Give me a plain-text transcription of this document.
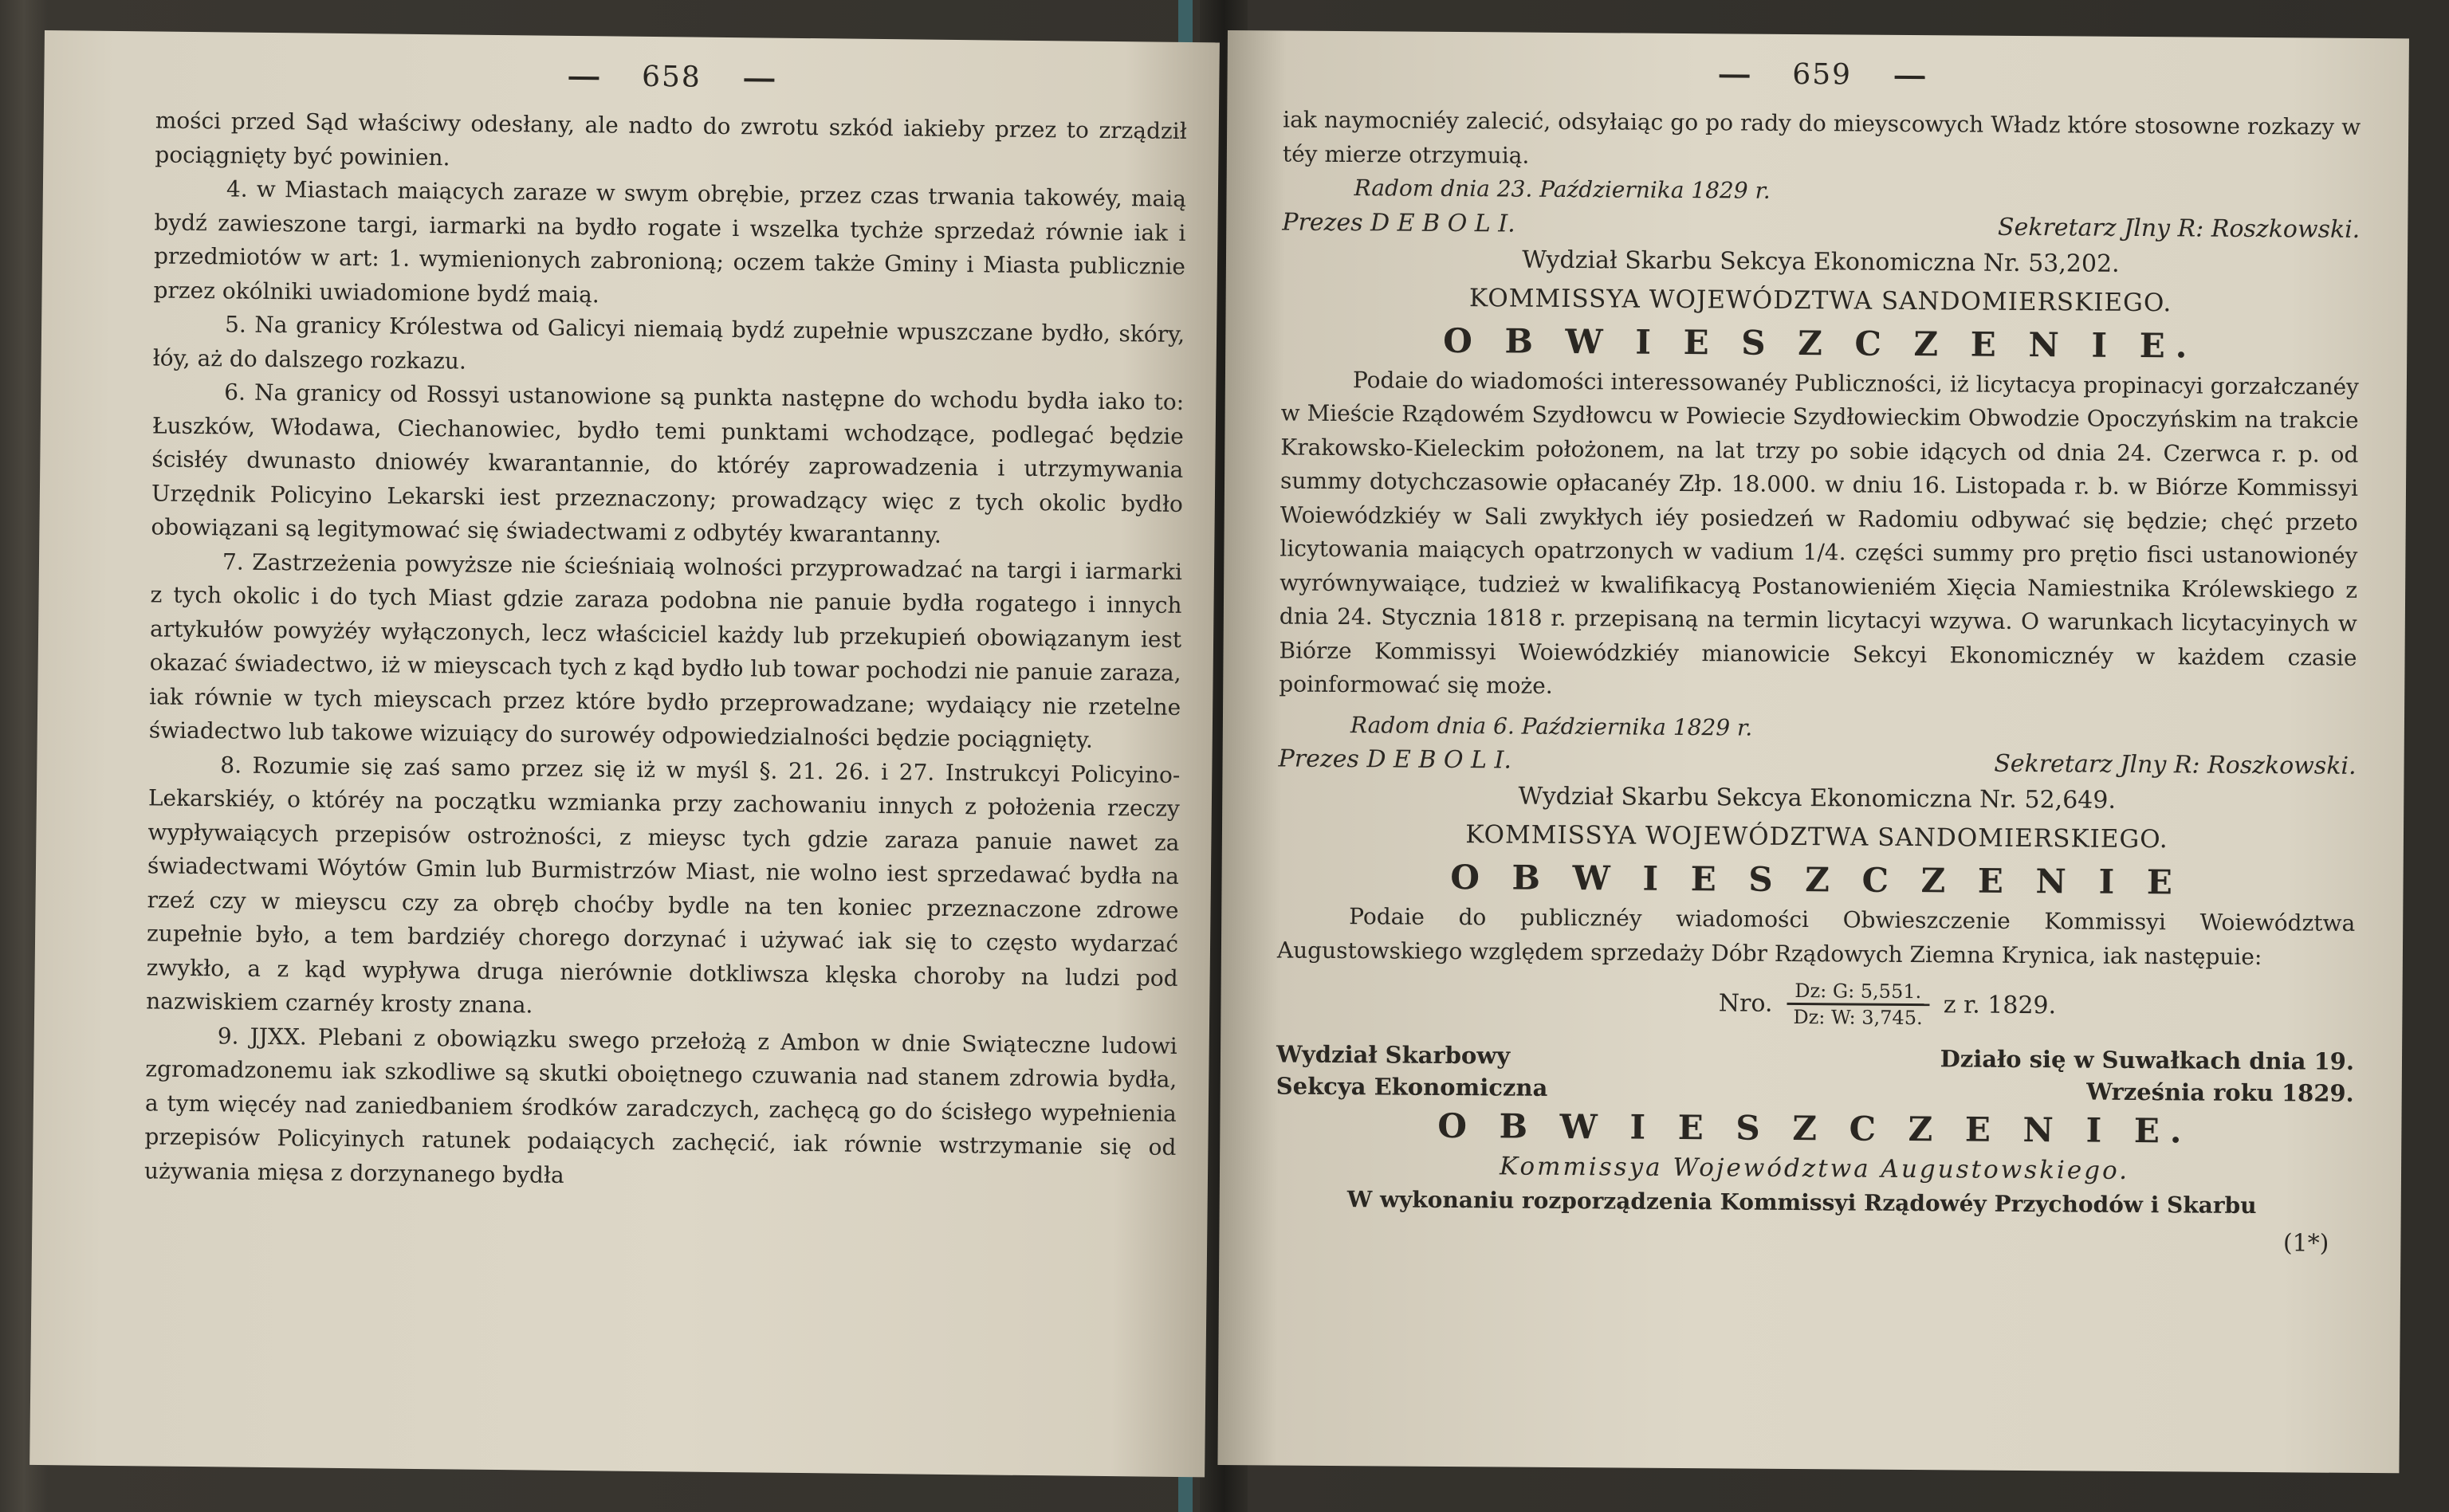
658

mości przed Sąd właściwy odesłany, ale nadto do zwrotu szkód iakieby przez to zrządził pociągnięty być powinien.

4. w Miastach maiących zaraze w swym obrębie, przez czas trwania takowéy, maią bydź zawieszone targi, iarmarki na bydło rogate i wszelka tychże sprzedaż równie iak i przedmiotów w art: 1. wymienionych zabronioną; oczem także Gminy i Miasta publicznie przez okólniki uwiadomione bydź maią.

5. Na granicy Królestwa od Galicyi niemaią bydź zupełnie wpuszczane bydło, skóry, łóy, aż do dalszego rozkazu.

6. Na granicy od Rossyi ustanowione są punkta następne do wchodu bydła iako to: Łuszków, Włodawa, Ciechanowiec, bydło temi punktami wchodzące, podlegać będzie ścisłéy dwunasto dniowéy kwarantannie, do któréy zaprowadzenia i utrzymywania Urzędnik Policyino Lekarski iest przeznaczony; prowadzący więc z tych okolic bydło obowiązani są legitymować się świadectwami z odbytéy kwarantanny.

7. Zastrzeżenia powyższe nie ścieśniaią wolności przyprowadzać na targi i iarmarki z tych okolic i do tych Miast gdzie zaraza podobna nie panuie bydła rogatego i innych artykułów powyżéy wyłączonych, lecz właściciel każdy lub przekupień obowiązanym iest okazać świadectwo, iż w mieyscach tych z kąd bydło lub towar pochodzi nie panuie zaraza, iak równie w tych mieyscach przez które bydło przeprowadzane; wydaiący nie rzetelne świadectwo lub takowe wizuiący do surowéy odpowiedzialności będzie pociągnięty.

8. Rozumie się zaś samo przez się iż w myśl §. 21. 26. i 27. Instrukcyi Policyino-Lekarskiéy, o któréy na początku wzmianka przy zachowaniu innych z położenia rzeczy wypływaiących przepisów ostrożności, z mieysc tych gdzie zaraza panuie nawet za świadectwami Wóytów Gmin lub Burmistrzów Miast, nie wolno iest sprzedawać bydła na rzeź czy w mieyscu czy za obręb choćby bydle na ten koniec przeznaczone zdrowe zupełnie było, a tem bardziéy chorego dorzynać i używać iak się to często wydarzać zwykło, a z kąd wypływa druga nierównie dotkliwsza klęska choroby na ludzi pod nazwiskiem czarnéy krosty znana.

9. JJXX. Plebani z obowiązku swego przełożą z Ambon w dnie Swiąteczne ludowi zgromadzonemu iak szkodliwe są skutki oboiętnego czuwania nad stanem zdrowia bydła, a tym więcéy nad zaniedbaniem środków zaradczych, zachęcą go do ścisłego wypełnienia przepisów Policyinych ratunek podaiących zachęcić, iak równie wstrzymanie się od używania mięsa z dorzynanego bydła

659

iak naymocniéy zalecić, odsyłaiąc go po rady do mieyscowych Władz które stosowne rozkazy w téy mierze otrzymuią.

Radom dnia 23. Października 1829 r.

Prezes D E B O L I.	Sekretarz Jlny R: Roszkowski.
Wydział Skarbu Sekcya Ekonomiczna Nr. 53,202.
KOMMISSYA WOJEWÓDZTWA SANDOMIERSKIEGO.
O B W I E S Z C Z E N I E.

Podaie do wiadomości interessowanéy Publiczności, iż licytacya propinacyi gorzałczanéy w Mieście Rządowém Szydłowcu w Powiecie Szydłowieckim Obwodzie Opoczyńskim na trakcie Krakowsko-Kieleckim położonem, na lat trzy po sobie idących od dnia 24. Czerwca r. p. od summy dotychczasowie opłacanéy Złp. 18.000. w dniu 16. Listopada r. b. w Biórze Kommissyi Woiewódzkiéy w Sali zwykłych iéy posiedzeń w Radomiu odbywać się będzie; chęć przeto licytowania maiących opatrzonych w vadium 1/4. części summy pro prętio fisci ustanowionéy wyrównywaiące, tudzież w kwalifikacyą Postanowieniém Xięcia Namiestnika Królewskiego z dnia 24. Stycznia 1818 r. przepisaną na termin licytacyi wzywa. O warunkach licytacyinych w Biórze Kommissyi Woiewódzkiéy mianowicie Sekcyi Ekonomicznéy w każdem czasie poinformować się może.

Radom dnia 6. Października 1829 r.

Prezes D E B O L I.	Sekretarz Jlny R: Roszkowski.
Wydział Skarbu Sekcya Ekonomiczna Nr. 52,649.
KOMMISSYA WOJEWÓDZTWA SANDOMIERSKIEGO.
O B W I E S Z C Z E N I E

Podaie do publicznéy wiadomości Obwieszczenie Kommissyi Woiewództwa Augustowskiego względem sprzedaży Dóbr Rządowych Ziemna Krynica, iak następuie:

Nro. $\frac{Dz: G: 5,551.}{Dz: W: 3,745.}$ z r. 1829.
Wydział Skarbowy
Sekcya Ekonomiczna
Działo się w Suwałkach dnia 19.
Września roku 1829.
O B W I E S Z C Z E N I E.

Kommissya Województwa Augustowskiego.

W wykonaniu rozporządzenia Kommissyi Rządowéy Przychodów i Skarbu

(1*)
